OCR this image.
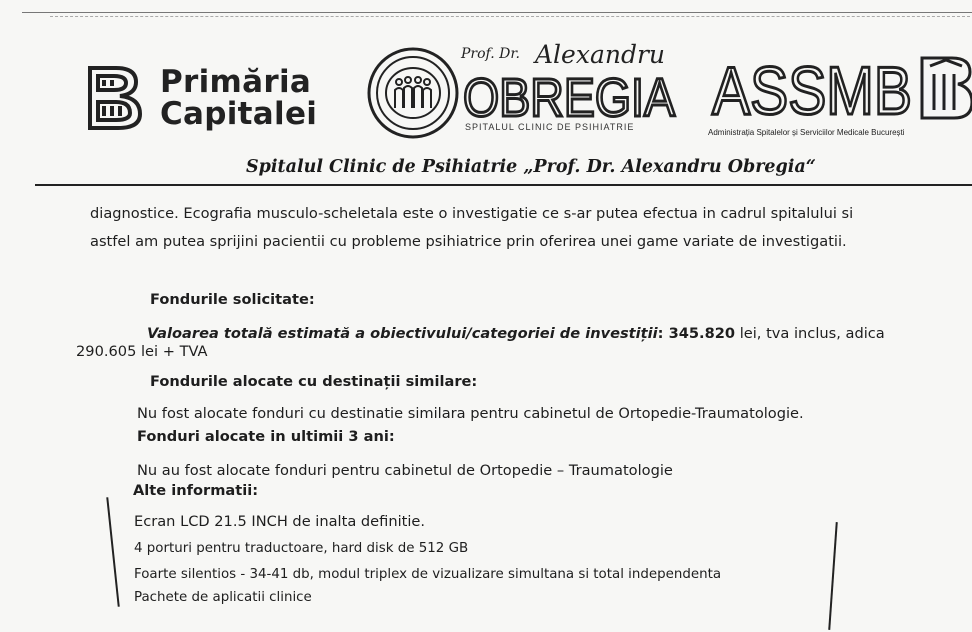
Primăria
Capitalei
Prof. Dr. Alexandru
OBREGIA
SPITALUL CLINIC DE PSIHIATRIE ASSMB
Administrația Spitalelor și Serviciilor Medicale București
Spitalul Clinic de Psihiatrie „Prof. Dr. Alexandru Obregia“
diagnostice. Ecografia musculo-scheletala este o investigatie ce s-ar putea efectua in cadrul spitalului si
astfel am putea sprijini pacientii cu probleme psihiatrice prin oferirea unei game variate de investigatii.
Fondurile solicitate:
Valoarea totală estimată a obiectivului/categoriei de investiții: 345.820 lei, tva inclus, adica
290.605 lei + TVA
Fondurile alocate cu destinații similare:
Nu fost alocate fonduri cu destinatie similara pentru cabinetul de Ortopedie-Traumatologie.
Fonduri alocate in ultimii 3 ani:
Nu au fost alocate fonduri pentru cabinetul de Ortopedie – Traumatologie
Alte informatii:
Ecran LCD 21.5 INCH de inalta definitie.
4 porturi pentru traductoare, hard disk de 512 GB
Foarte silentios - 34-41 db, modul triplex de vizualizare simultana si total independenta
Pachete de aplicatii clinice
